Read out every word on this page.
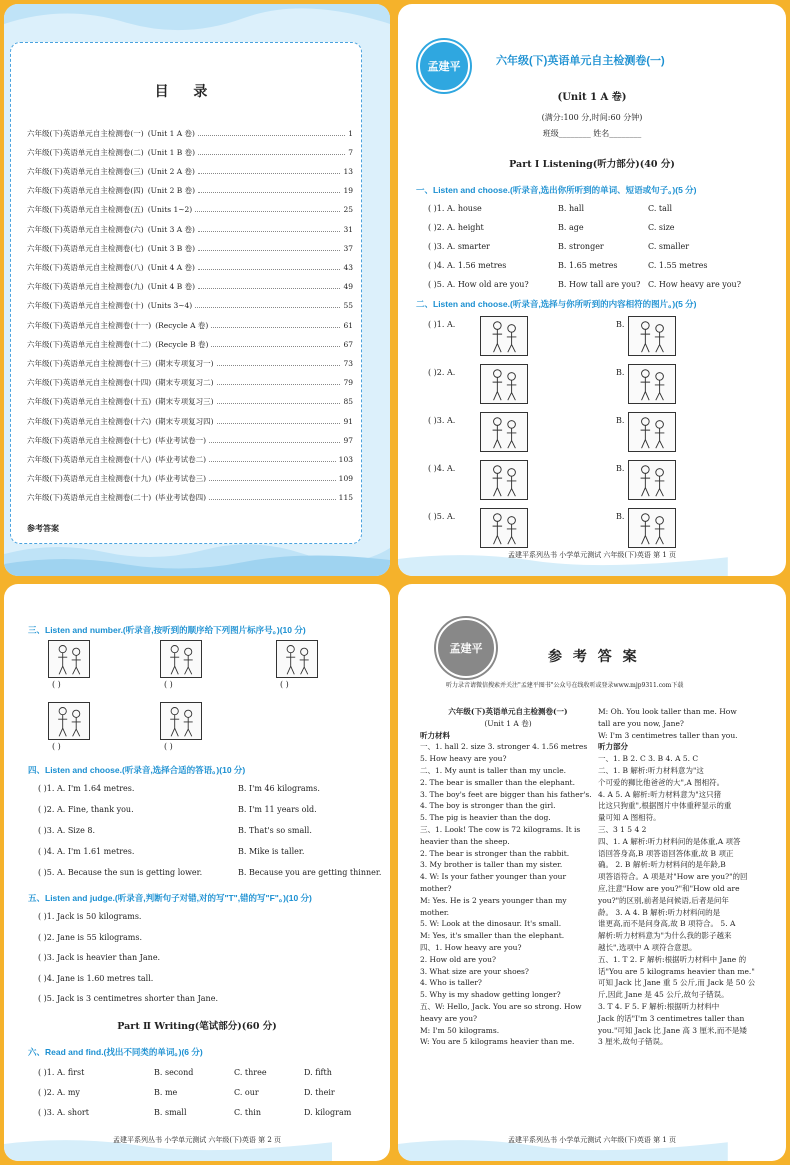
目 录
六年级(下)英语单元自主检测卷(一) (Unit 1 A 卷)	1
六年级(下)英语单元自主检测卷(二) (Unit 1 B 卷)	7
六年级(下)英语单元自主检测卷(三) (Unit 2 A 卷)	13
六年级(下)英语单元自主检测卷(四) (Unit 2 B 卷)	19
六年级(下)英语单元自主检测卷(五) (Units 1~2)	25
六年级(下)英语单元自主检测卷(六) (Unit 3 A 卷)	31
六年级(下)英语单元自主检测卷(七) (Unit 3 B 卷)	37
六年级(下)英语单元自主检测卷(八) (Unit 4 A 卷)	43
六年级(下)英语单元自主检测卷(九) (Unit 4 B 卷)	49
六年级(下)英语单元自主检测卷(十) (Units 3~4)	55
六年级(下)英语单元自主检测卷(十一) (Recycle A 卷)	61
六年级(下)英语单元自主检测卷(十二) (Recycle B 卷)	67
六年级(下)英语单元自主检测卷(十三) (期末专项复习一)	73
六年级(下)英语单元自主检测卷(十四) (期末专项复习二)	79
六年级(下)英语单元自主检测卷(十五) (期末专项复习三)	85
六年级(下)英语单元自主检测卷(十六) (期末专项复习四)	91
六年级(下)英语单元自主检测卷(十七) (毕业考试卷一)	97
六年级(下)英语单元自主检测卷(十八) (毕业考试卷二)	103
六年级(下)英语单元自主检测卷(十九) (毕业考试卷三)	109
六年级(下)英语单元自主检测卷(二十) (毕业考试卷四)	115
参考答案
孟建平	六年级(下)英语单元自主检测卷(一)
(Unit 1 A 卷)
(满分:100 分,时间:60 分钟)
班级________ 姓名________
Part Ⅰ Listening(听力部分)(40 分)
一、Listen and choose.(听录音,选出你所听到的单词、短语或句子。)(5 分)
( )1. A. house	B. hall	C. tall
( )2. A. height	B. age	C. size
( )3. A. smarter	B. stronger	C. smaller
( )4. A. 1.56 metres	B. 1.65 metres	C. 1.55 metres
( )5. A. How old are you?	B. How tall are you? C. How heavy are you?
二、Listen and choose.(听录音,选择与你所听到的内容相符的图片。)(5 分)
( )1. A.	B.
( )2. A.	B.
( )3. A.	B.
( )4. A.	B.
( )5. A.	B.
孟建平系列丛书 小学单元测试 六年级(下)英语 第 1 页
三、Listen and number.(听录音,按听到的顺序给下列图片标序号。)(10 分)
( )	( )	( )
( )	( )
四、Listen and choose.(听录音,选择合适的答语。)(10 分)
( )1. A. I'm 1.64 metres.	B. I'm 46 kilograms.
( )2. A. Fine, thank you.	B. I'm 11 years old.
( )3. A. Size 8.	B. That's so small.
( )4. A. I'm 1.61 metres.	B. Mike is taller.
( )5. A. Because the sun is getting lower.	B. Because you are getting thinner.
五、Listen and judge.(听录音,判断句子对错,对的写"T",错的写"F"。)(10 分)
( )1. Jack is 50 kilograms.
( )2. Jane is 55 kilograms.
( )3. Jack is heavier than Jane.
( )4. Jane is 1.60 metres tall.
( )5. Jack is 3 centimetres shorter than Jane.
Part Ⅱ Writing(笔试部分)(60 分)
六、Read and find.(找出不同类的单词。)(6 分)
( )1. A. first	B. second	C. three	D. fifth
( )2. A. my	B. me	C. our	D. their
( )3. A. short	B. small	C. thin	D. kilogram
孟建平系列丛书 小学单元测试 六年级(下)英语 第 2 页
孟建平
参 考 答 案
听力录音请微信搜索并关注"孟建平图书"公众号在线收听或登录www.mjp9311.com下载
六年级(下)英语单元自主检测卷(一)
(Unit 1 A 卷)
听力材料
一、1. hall 2. size 3. stronger 4. 1.56 metres
5. How heavy are you?
二、1. My aunt is taller than my uncle.
2. The bear is smaller than the elephant.
3. The boy's feet are bigger than his father's.
4. The boy is stronger than the girl.
5. The pig is heavier than the dog.
三、1. Look! The cow is 72 kilograms. It is
heavier than the sheep.
2. The bear is stronger than the rabbit.
3. My brother is taller than my sister.
4. W: Is your father younger than your
mother?
M: Yes. He is 2 years younger than my
mother.
5. W: Look at the dinosaur. It's small.
M: Yes, it's smaller than the elephant.
四、1. How heavy are you?
2. How old are you?
3. What size are your shoes?
4. Who is taller?
5. Why is my shadow getting longer?
五、W: Hello, Jack. You are so strong. How
heavy are you?
M: I'm 50 kilograms.
W: You are 5 kilograms heavier than me.
M: Oh. You look taller than me. How
tall are you now, Jane?
W: I'm 3 centimetres taller than you.
听力部分
一、1. B 2. C 3. B 4. A 5. C
二、1. B 解析:听力材料意为"这
个可爱的狮比他爸爸的大",A 图相符。
4. A 5. A 解析:听力材料意为"这只猪
比这只狗重",根据图片中体重秤显示的重
量可知 A 图相符。
三、3 1 5 4 2
四、1. A 解析:听力材料问的是体重,A 项答
语回答身高,B 项答语回答体重,故 B 项正
确。 2. B 解析:听力材料问的是年龄,B
项答语符合。A 项是对"How are you?"的回
应,注意"How are you?"和"How old are
you?"的区别,前者是问候语,后者是问年
龄。 3. A 4. B 解析:听力材料问的是
谁更高,而不是问身高,故 B 项符合。 5. A
解析:听力材料意为"为什么我的影子越来
越长",选项中 A 项符合意思。
五、1. T 2. F 解析:根据听力材料中 Jane 的
话"You are 5 kilograms heavier than me."
可知 Jack 比 Jane 重 5 公斤,而 Jack 是 50 公
斤,因此 Jane 是 45 公斤,故句子错误。
3. T 4. F 5. F 解析:根据听力材料中
Jack 的话"I'm 3 centimetres taller than
you."可知 Jack 比 Jane 高 3 厘米,而不是矮
3 厘米,故句子错误。
孟建平系列丛书 小学单元测试 六年级(下)英语 第 1 页
